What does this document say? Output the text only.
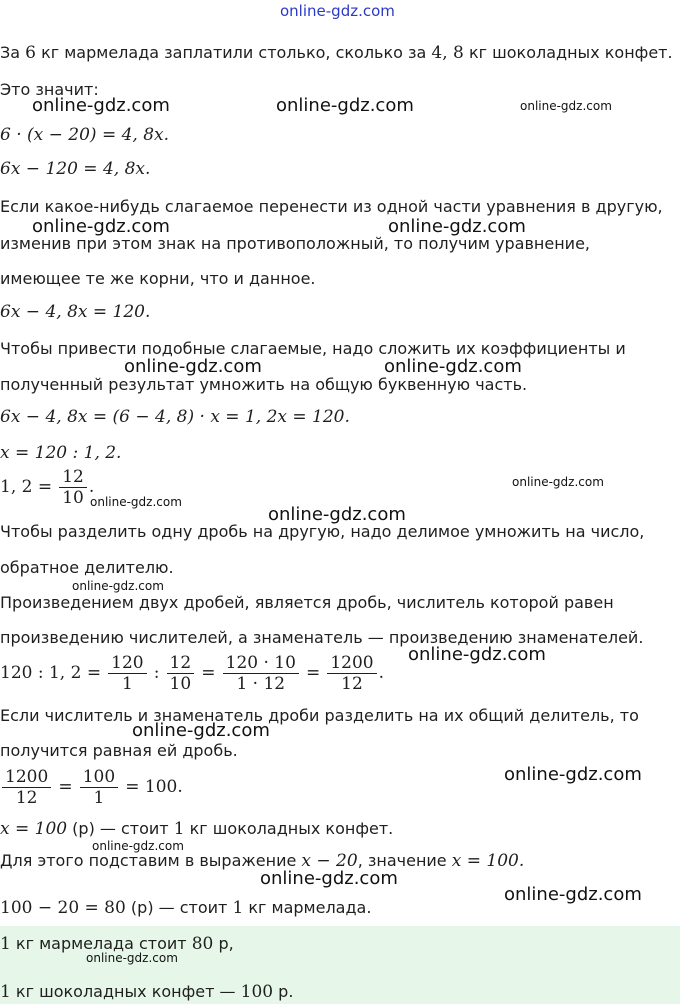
online-gdz.com
online-gdz.com	online-gdz.com	online-gdz.com
online-gdz.com	online-gdz.com
online-gdz.com	online-gdz.com
online-gdz.com
online-gdz.com
online-gdz.com
online-gdz.com
online-gdz.com
online-gdz.com
online-gdz.com
online-gdz.com
online-gdz.com
online-gdz.com
online-gdz.com
За 6 кг мармелада заплатили столько, сколько за 4, 8 кг шоколадных конфет.
Это значит:
6 · (x − 20) = 4, 8x.
6x − 120 = 4, 8x.
Если какое-нибудь слагаемое перенести из одной части уравнения в другую,
изменив при этом знак на противоположный, то получим уравнение,
имеющее те же корни, что и данное.
6x − 4, 8x = 120.
Чтобы привести подобные слагаемые, надо сложить их коэффициенты и
полученный результат умножить на общую буквенную часть.
6x − 4, 8x = (6 − 4, 8) · x = 1, 2x = 120.
x = 120 : 1, 2.
1, $2 = \frac{12}{10}$ .
Чтобы разделить одну дробь на другую, надо делимое умножить на число,
обратное делителю.
Произведением двух дробей, является дробь, числитель которой равен
произведению числителей, а знаменатель — произведению знаменателей.
120 : 1, $2 = \frac{120}{1}$ : $\frac{12}{10} = \frac{120 \cdot 10}{1 \cdot 12} = \frac{1200}{12}$ .
Если числитель и знаменатель дроби разделить на их общий делитель, то
получится равная ей дробь.
$\frac{1200}{12} = \frac{100}{1} = 100$.
x = 100 (р) — стоит 1 кг шоколадных конфет.
Для этого подставим в выражение x − 20, значение x = 100.
100 − 20 = 80 (р) — стоит 1 кг мармелада.
1 кг мармелада стоит 80 р,
1 кг шоколадных конфет — 100 р.
